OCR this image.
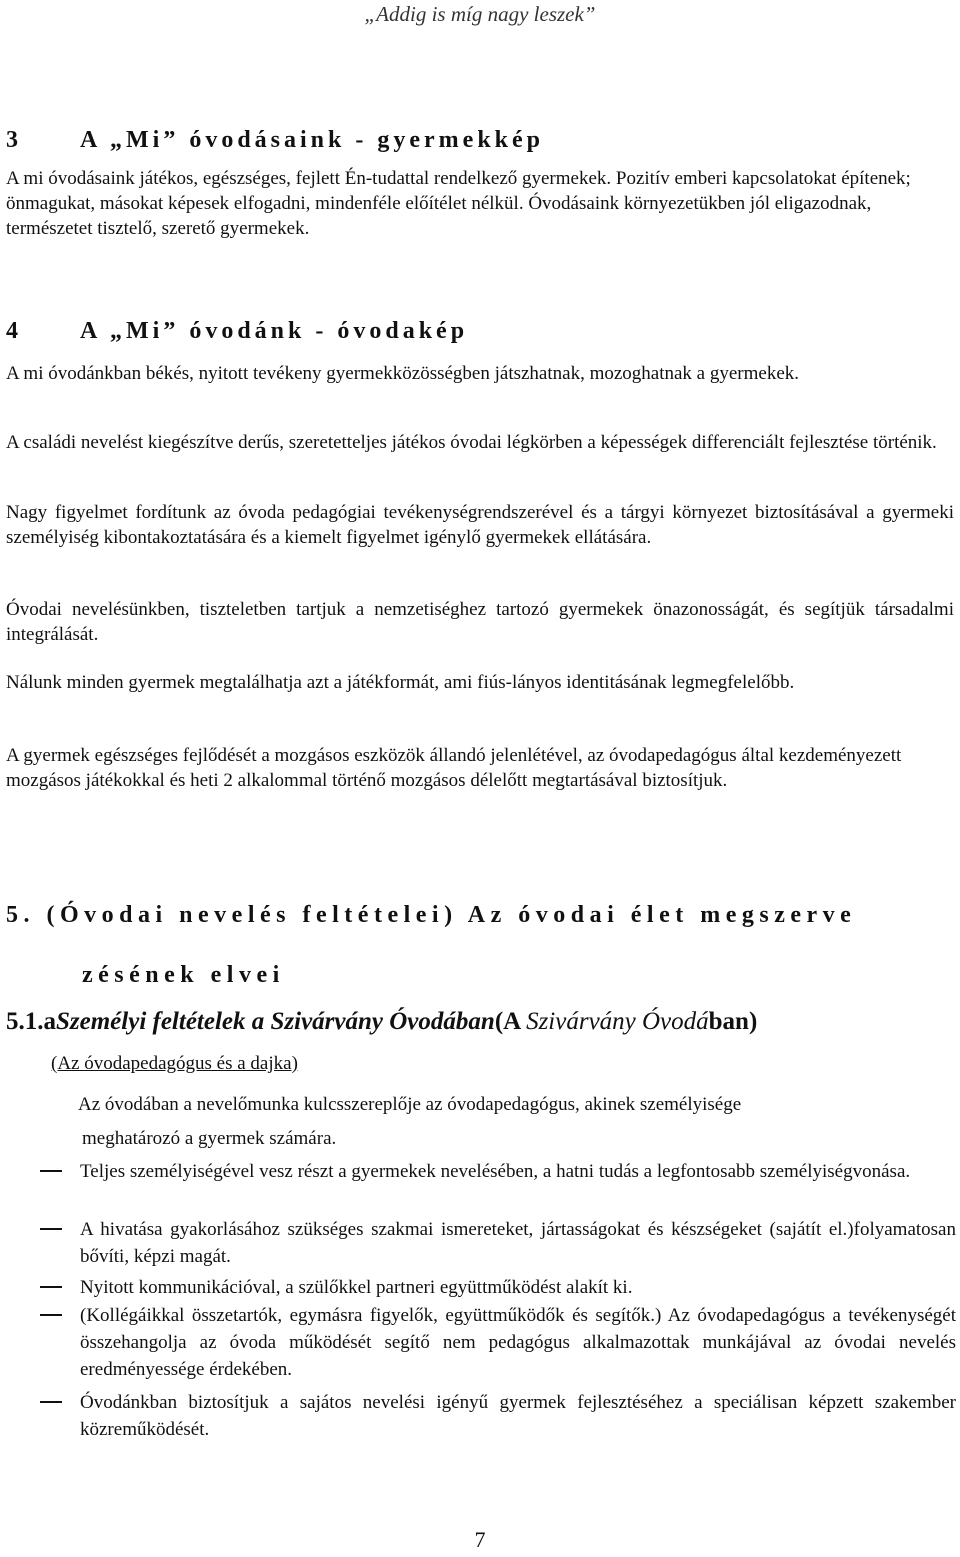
„Addig is míg nagy leszek”
3	A „Mi” óvodásaink - gyermekkép

A mi óvodásaink játékos, egészséges, fejlett Én-tudattal rendelkező gyermekek. Pozitív emberi kapcsolatokat építenek; önmagukat, másokat képesek elfogadni, mindenféle előítélet nélkül. Óvodásaink környezetükben jól eligazodnak, természetet tisztelő, szerető gyermekek.

4	A „Mi” óvodánk - óvodakép

A mi óvodánkban békés, nyitott tevékeny gyermekközösségben játszhatnak, mozoghatnak a gyermekek.

A családi nevelést kiegészítve derűs, szeretetteljes játékos óvodai légkörben a képességek differenciált fejlesztése történik.

Nagy figyelmet fordítunk az óvoda pedagógiai tevékenységrendszerével és a tárgyi környezet biztosításával a gyermeki személyiség kibontakoztatására és a kiemelt figyelmet igénylő gyermekek ellátására.

Óvodai nevelésünkben, tiszteletben tartjuk a nemzetiséghez tartozó gyermekek önazonosságát, és segítjük társadalmi integrálását.

Nálunk minden gyermek megtalálhatja azt a játékformát, ami fiús-lányos identitásának legmegfelelőbb.

A gyermek egészséges fejlődését a mozgásos eszközök állandó jelenlétével, az óvodapedagógus által kezdeményezett mozgásos játékokkal és heti 2 alkalommal történő mozgásos délelőtt megtartásával biztosítjuk.

5. (Óvodai nevelés feltételei) Az óvodai élet megszerve
zésének elvei
5.1.aSzemélyi feltételek a Szivárvány Óvodában(A Szivárvány Óvodában)
(Az óvodapedagógus és a dajka)

Az óvodában a nevelőmunka kulcsszereplője az óvodapedagógus, akinek személyisége
meghatározó a gyermek számára.

Teljes személyiségével vesz részt a gyermekek nevelésében, a hatni tudás a legfontosabb személyiségvonása.

A hivatása gyakorlásához szükséges szakmai ismereteket, jártasságokat és készségeket (sajátít el.)folyamatosan bővíti, képzi magát.

Nyitott kommunikációval, a szülőkkel partneri együttműködést alakít ki.

(Kollégáikkal összetartók, egymásra figyelők, együttműködők és segítők.) Az óvodapedagógus a tevékenységét összehangolja az óvoda működését segítő nem pedagógus alkalmazottak munkájával az óvodai nevelés eredményessége érdekében.

Óvodánkban biztosítjuk a sajátos nevelési igényű gyermek fejlesztéséhez a speciálisan képzett szakember közreműködését.

7
